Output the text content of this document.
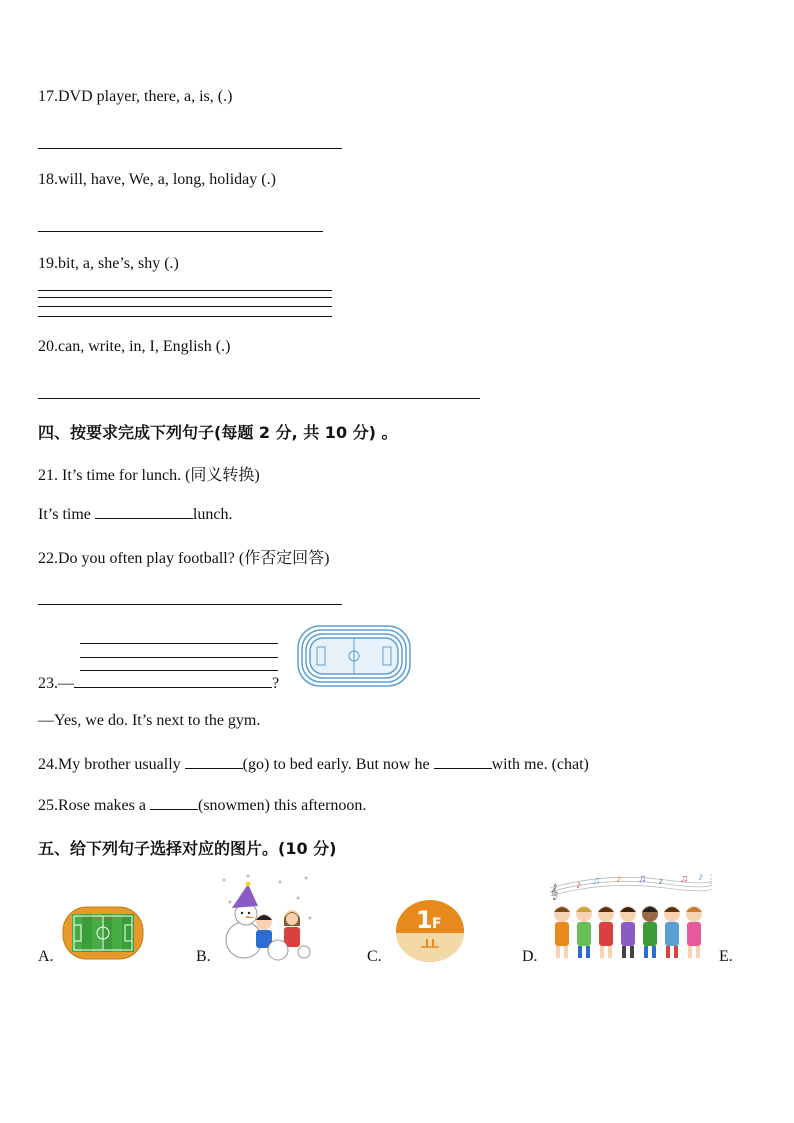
17.DVD player, there, a, is, (.)
18.will, have, We, a, long, holiday (.)
19.bit, a, she’s, shy (.)
20.can, write, in, I, English (.)
四、按要求完成下列句子(每题 2 分, 共 10 分) 。
21. It’s time for lunch. (同义转换)
It’s time	lunch.
22.Do you often play football? (作否定回答)
23.—	?
—Yes, we do. It’s next to the gym.
24.My brother usually	(go) to bed early. But now he	with me. (chat)
25.Rose makes a	(snowmen) this afternoon.
五、给下列句子选择对应的图片。(10 分)
A.	B.	C.
1 F
D.
𝄞 ♪ ♫ ♪ ♫ ♪ ♫ ♪
E.
